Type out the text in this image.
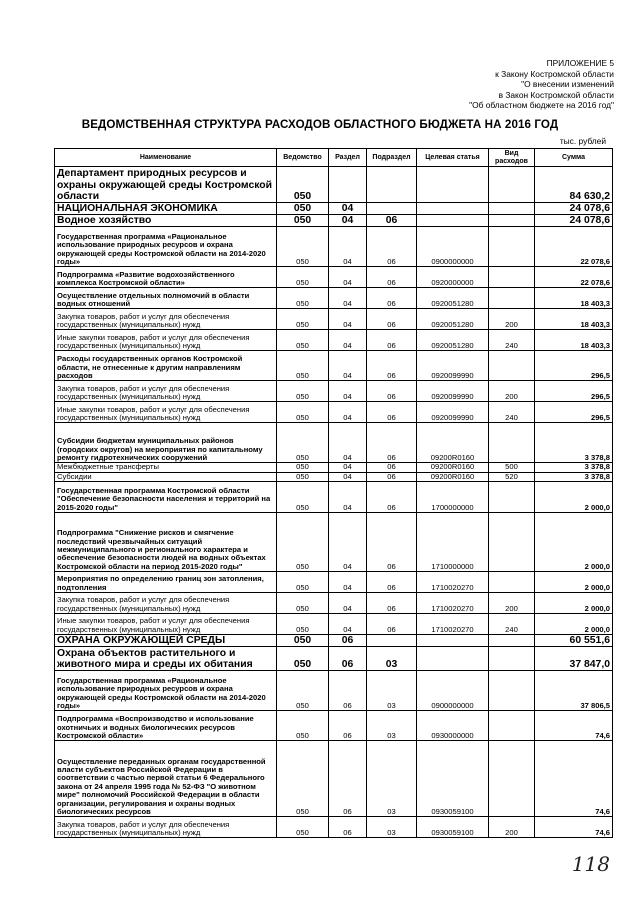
ПРИЛОЖЕНИЕ 5
к Закону Костромской области
"О внесении изменений
в Закон Костромской области
"Об областном бюджете на 2016 год"
ВЕДОМСТВЕННАЯ СТРУКТУРА РАСХОДОВ ОБЛАСТНОГО БЮДЖЕТА НА 2016 ГОД
тыс. рублей
Наименование	Ведомство	Раздел	Подраздел	Целевая статья	Вид расходов	Сумма
Департамент природных ресурсов и охраны окружающей среды Костромской области	050					84 630,2
НАЦИОНАЛЬНАЯ ЭКОНОМИКА	050	04				24 078,6
Водное хозяйство	050	04	06			24 078,6
Государственная программа «Рациональное использование природных ресурсов и охрана окружающей среды Костромской области на 2014-2020 годы»	050	04	06	0900000000		22 078,6
Подпрограмма «Развитие водохозяйственного комплекса Костромской области»	050	04	06	0920000000		22 078,6
Осуществление отдельных полномочий в области водных отношений	050	04	06	0920051280		18 403,3
Закупка товаров, работ и услуг для обеспечения государственных (муниципальных) нужд	050	04	06	0920051280	200	18 403,3
Иные закупки товаров, работ и услуг для обеспечения государственных (муниципальных) нужд	050	04	06	0920051280	240	18 403,3
Расходы государственных органов Костромской области, не отнесенные к другим направлениям расходов	050	04	06	0920099990		296,5
Закупка товаров, работ и услуг для обеспечения государственных (муниципальных) нужд	050	04	06	0920099990	200	296,5
Иные закупки товаров, работ и услуг для обеспечения государственных (муниципальных) нужд	050	04	06	0920099990	240	296,5
Субсидии бюджетам муниципальных районов (городских округов) на мероприятия по капитальному ремонту гидротехнических сооружений	050	04	06	09200R0160		3 378,8
Межбюджетные трансферты	050	04	06	09200R0160	500	3 378,8
Субсидии	050	04	06	09200R0160	520	3 378,8
Государственная программа Костромской области "Обеспечение безопасности населения и территорий на 2015-2020 годы"	050	04	06	1700000000		2 000,0
Подпрограмма "Снижение рисков и смягчение последствий чрезвычайных ситуаций межмуниципального и регионального характера и обеспечение безопасности людей на водных объектах Костромской области на период 2015-2020 годы"	050	04	06	1710000000		2 000,0
Мероприятия по определению границ зон затопления, подтопления	050	04	06	1710020270		2 000,0
Закупка товаров, работ и услуг для обеспечения государственных (муниципальных) нужд	050	04	06	1710020270	200	2 000,0
Иные закупки товаров, работ и услуг для обеспечения государственных (муниципальных) нужд	050	04	06	1710020270	240	2 000,0
ОХРАНА ОКРУЖАЮЩЕЙ СРЕДЫ	050	06				60 551,6
Охрана объектов растительного и животного мира и среды их обитания	050	06	03			37 847,0
Государственная программа «Рациональное использование природных ресурсов и охрана окружающей среды Костромской области на 2014-2020 годы»	050	06	03	0900000000		37 806,5
Подпрограмма «Воспроизводство и использование охотничьих и водных биологических ресурсов Костромской области»	050	06	03	0930000000		74,6
Осуществление переданных органам государственной власти субъектов Российской Федерации в соответствии с частью первой статьи 6 Федерального закона от 24 апреля 1995 года № 52-ФЗ "О животном мире" полномочий Российской Федерации в области организации, регулирования и охраны водных биологических ресурсов	050	06	03	0930059100		74,6
Закупка товаров, работ и услуг для обеспечения государственных (муниципальных) нужд	050	06	03	0930059100	200	74,6
118
